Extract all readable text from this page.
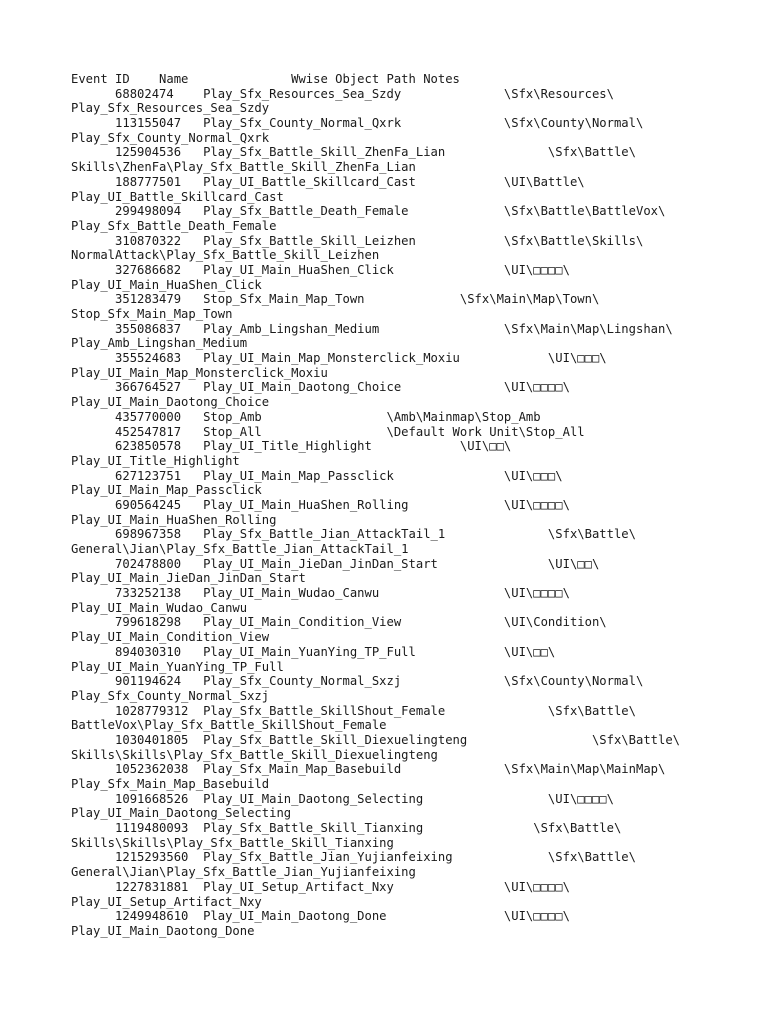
Event ID    Name              Wwise Object Path Notes
68802474    Play_Sfx_Resources_Sea_Szdy              \Sfx\Resources\
Play_Sfx_Resources_Sea_Szdy
113155047   Play_Sfx_County_Normal_Qxrk              \Sfx\County\Normal\
Play_Sfx_County_Normal_Qxrk
125904536   Play_Sfx_Battle_Skill_ZhenFa_Lian              \Sfx\Battle\
Skills\ZhenFa\Play_Sfx_Battle_Skill_ZhenFa_Lian
188777501   Play_UI_Battle_Skillcard_Cast            \UI\Battle\
Play_UI_Battle_Skillcard_Cast
299498094   Play_Sfx_Battle_Death_Female             \Sfx\Battle\BattleVox\
Play_Sfx_Battle_Death_Female
310870322   Play_Sfx_Battle_Skill_Leizhen            \Sfx\Battle\Skills\
NormalAttack\Play_Sfx_Battle_Skill_Leizhen
327686682   Play_UI_Main_HuaShen_Click               \UI\□□□□\
Play_UI_Main_HuaShen_Click
351283479   Stop_Sfx_Main_Map_Town             \Sfx\Main\Map\Town\
Stop_Sfx_Main_Map_Town
355086837   Play_Amb_Lingshan_Medium                 \Sfx\Main\Map\Lingshan\
Play_Amb_Lingshan_Medium
355524683   Play_UI_Main_Map_Monsterclick_Moxiu            \UI\□□□\
Play_UI_Main_Map_Monsterclick_Moxiu
366764527   Play_UI_Main_Daotong_Choice              \UI\□□□□\
Play_UI_Main_Daotong_Choice
435770000   Stop_Amb                 \Amb\Mainmap\Stop_Amb
452547817   Stop_All                 \Default Work Unit\Stop_All
623850578   Play_UI_Title_Highlight            \UI\□□\
Play_UI_Title_Highlight
627123751   Play_UI_Main_Map_Passclick               \UI\□□□\
Play_UI_Main_Map_Passclick
690564245   Play_UI_Main_HuaShen_Rolling             \UI\□□□□\
Play_UI_Main_HuaShen_Rolling
698967358   Play_Sfx_Battle_Jian_AttackTail_1              \Sfx\Battle\
General\Jian\Play_Sfx_Battle_Jian_AttackTail_1
702478800   Play_UI_Main_JieDan_JinDan_Start               \UI\□□\
Play_UI_Main_JieDan_JinDan_Start
733252138   Play_UI_Main_Wudao_Canwu                 \UI\□□□□\
Play_UI_Main_Wudao_Canwu
799618298   Play_UI_Main_Condition_View              \UI\Condition\
Play_UI_Main_Condition_View
894030310   Play_UI_Main_YuanYing_TP_Full            \UI\□□\
Play_UI_Main_YuanYing_TP_Full
901194624   Play_Sfx_County_Normal_Sxzj              \Sfx\County\Normal\
Play_Sfx_County_Normal_Sxzj
1028779312  Play_Sfx_Battle_SkillShout_Female              \Sfx\Battle\
BattleVox\Play_Sfx_Battle_SkillShout_Female
1030401805  Play_Sfx_Battle_Skill_Diexuelingteng                 \Sfx\Battle\
Skills\Skills\Play_Sfx_Battle_Skill_Diexuelingteng
1052362038  Play_Sfx_Main_Map_Basebuild              \Sfx\Main\Map\MainMap\
Play_Sfx_Main_Map_Basebuild
1091668526  Play_UI_Main_Daotong_Selecting                 \UI\□□□□\
Play_UI_Main_Daotong_Selecting
1119480093  Play_Sfx_Battle_Skill_Tianxing               \Sfx\Battle\
Skills\Skills\Play_Sfx_Battle_Skill_Tianxing
1215293560  Play_Sfx_Battle_Jian_Yujianfeixing             \Sfx\Battle\
General\Jian\Play_Sfx_Battle_Jian_Yujianfeixing
1227831881  Play_UI_Setup_Artifact_Nxy               \UI\□□□□\
Play_UI_Setup_Artifact_Nxy
1249948610  Play_UI_Main_Daotong_Done                \UI\□□□□\
Play_UI_Main_Daotong_Done
